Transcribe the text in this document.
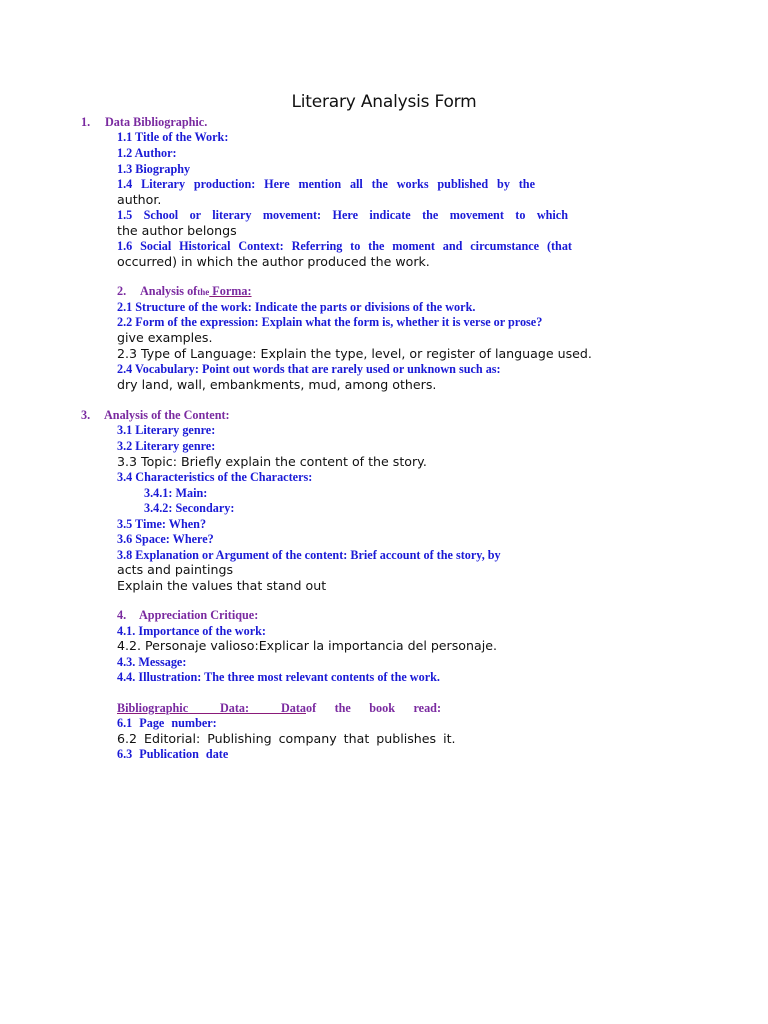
Literary Analysis Form
1. Data Bibliographic.
1.1 Title of the Work:
1.2 Author:
1.3 Biography
1.4 Literary production: Here mention all the works published by the
author.
1.5 School or literary movement: Here indicate the movement to which
the author belongs
1.6 Social Historical Context: Referring to the moment and circumstance (that
occurred) in which the author produced the work.
2. Analysis ofthe Forma:
2.1 Structure of the work: Indicate the parts or divisions of the work.
2.2 Form of the expression: Explain what the form is, whether it is verse or prose?
give examples.
2.3 Type of Language: Explain the type, level, or register of language used.
2.4 Vocabulary: Point out words that are rarely used or unknown such as:
dry land, wall, embankments, mud, among others.
3. Analysis of the Content:
3.1 Literary genre:
3.2 Literary genre:
3.3 Topic: Briefly explain the content of the story.
3.4 Characteristics of the Characters:
3.4.1: Main:
3.4.2: Secondary:
3.5 Time: When?
3.6 Space: Where?
3.8 Explanation or Argument of the content: Brief account of the story, by
acts and paintings
Explain the values that stand out
4. Appreciation Critique:
4.1. Importance of the work:
4.2. Personaje valioso:Explicar la importancia del personaje.
4.3. Message:
4.4. Illustration: The three most relevant contents of the work.
Bibliographic Data: Dataof the book read:
6.1 Page number:
6.2 Editorial: Publishing company that publishes it.
6.3 Publication date
